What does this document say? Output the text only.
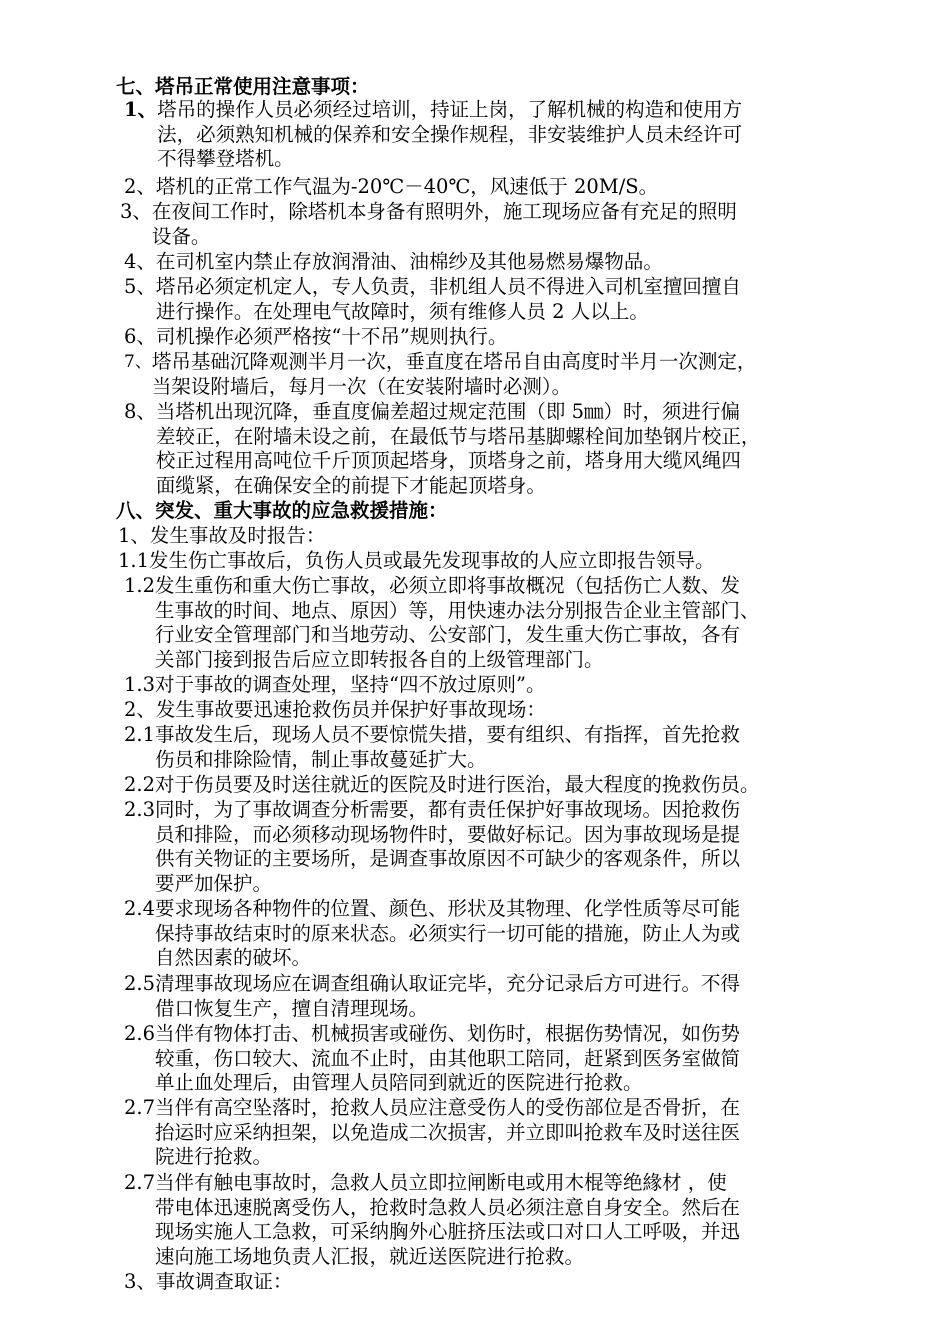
七、塔吊正常使用注意事项：
1、 塔吊的操作人员必须经过培训，持证上岗，了解机械的构造和使用方
法，必须熟知机械的保养和安全操作规程，非安装维护人员未经许可
不得攀登塔机。
2、 塔机的正常工作气温为-20℃－40℃，风速低于 20M/S。
3、 在夜间工作时，除塔机本身备有照明外，施工现场应备有充足的照明
设备。
4、 在司机室内禁止存放润滑油、油棉纱及其他易燃易爆物品。
5、 塔吊必须定机定人，专人负责，非机组人员不得进入司机室擅回擅自
进行操作。在处理电气故障时，须有维修人员 2 人以上。
6、 司机操作必须严格按“十不吊”规则执行。
7、 塔吊基础沉降观测半月一次，垂直度在塔吊自由高度时半月一次测定，
当架设附墙后，每月一次（在安装附墙时必测）。
8、 当塔机出现沉降，垂直度偏差超过规定范围（即 5㎜）时，须进行偏
差较正，在附墙未设之前，在最低节与塔吊基脚螺栓间加垫钢片校正，
校正过程用高吨位千斤顶顶起塔身，顶塔身之前，塔身用大缆风绳四
面缆紧，在确保安全的前提下才能起顶塔身。
八、突发、重大事故的应急救援措施：
1、 发生事故及时报告：
1.1 发生伤亡事故后，负伤人员或最先发现事故的人应立即报告领导。
1.2 发生重伤和重大伤亡事故，必须立即将事故概况（包括伤亡人数、发
生事故的时间、地点、原因）等，用快速办法分别报告企业主管部门、
行业安全管理部门和当地劳动、公安部门，发生重大伤亡事故，各有
关部门接到报告后应立即转报各自的上级管理部门。
1.3 对于事故的调查处理，坚持“四不放过原则”。
2、 发生事故要迅速抢救伤员并保护好事故现场：
2.1 事故发生后，现场人员不要惊慌失措，要有组织、有指挥，首先抢救
伤员和排除险情，制止事故蔓延扩大。
2.2 对于伤员要及时送往就近的医院及时进行医治，最大程度的挽救伤员。
2.3 同时，为了事故调查分析需要，都有责任保护好事故现场。因抢救伤
员和排险，而必须移动现场物件时，要做好标记。因为事故现场是提
供有关物证的主要场所，是调查事故原因不可缺少的客观条件，所以
要严加保护。
2.4 要求现场各种物件的位置、颜色、形状及其物理、化学性质等尽可能
保持事故结束时的原来状态。必须实行一切可能的措施，防止人为或
自然因素的破坏。
2.5 清理事故现场应在调查组确认取证完毕，充分记录后方可进行。不得
借口恢复生产，擅自清理现场。
2.6 当伴有物体打击、机械损害或碰伤、划伤时，根据伤势情况，如伤势
较重，伤口较大、流血不止时，由其他职工陪同，赶紧到医务室做简
单止血处理后，由管理人员陪同到就近的医院进行抢救。
2.7 当伴有高空坠落时，抢救人员应注意受伤人的受伤部位是否骨折，在
抬运时应采纳担架，以免造成二次损害，并立即叫抢救车及时送往医
院进行抢救。
2.7 当伴有触电事故时，急救人员立即拉闸断电或用木棍等绝緣材 ，使
带电体迅速脱离受伤人，抢救时急救人员必须注意自身安全。然后在
现场实施人工急救，可采纳胸外心脏挤压法或口对口人工呼吸，并迅
速向施工场地负责人汇报，就近送医院进行抢救。
3、 事故调查取证：
